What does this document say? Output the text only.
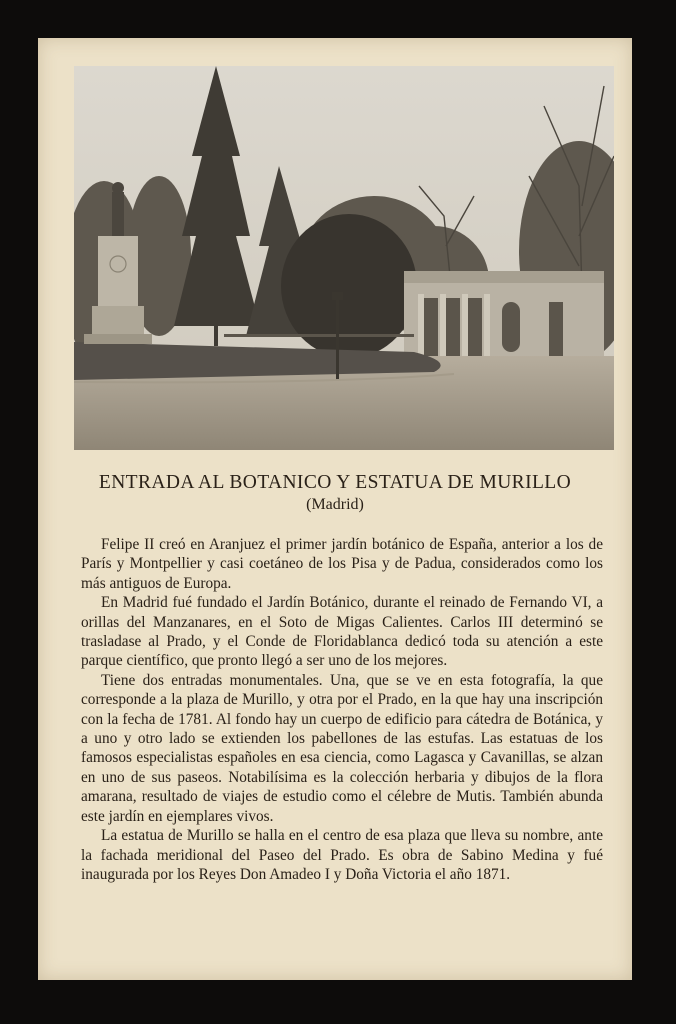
ENTRADA AL BOTANICO Y ESTATUA DE MURILLO
(Madrid)

Felipe II creó en Aranjuez el primer jardín botánico de España, anterior a los de París y Montpellier y casi coetáneo de los Pisa y de Padua, considerados como los más antiguos de Europa.

En Madrid fué fundado el Jardín Botánico, durante el reinado de Fernando VI, a orillas del Manzanares, en el Soto de Migas Calientes. Carlos III determinó se trasladase al Prado, y el Conde de Floridablanca dedicó toda su atención a este parque científico, que pronto llegó a ser uno de los mejores.

Tiene dos entradas monumentales. Una, que se ve en esta fotografía, la que corresponde a la plaza de Murillo, y otra por el Prado, en la que hay una inscripción con la fecha de 1781. Al fondo hay un cuerpo de edificio para cátedra de Botánica, y a uno y otro lado se extienden los pabellones de las estufas. Las estatuas de los famosos especialistas españoles en esa ciencia, como Lagasca y Cavanillas, se alzan en uno de sus paseos. Notabilísima es la colección herbaria y dibujos de la flora amarana, resultado de viajes de estudio como el célebre de Mutis. También abunda este jardín en ejemplares vivos.

La estatua de Murillo se halla en el centro de esa plaza que lleva su nombre, ante la fachada meridional del Paseo del Prado. Es obra de Sabino Medina y fué inaugurada por los Reyes Don Amadeo I y Doña Victoria el año 1871.
